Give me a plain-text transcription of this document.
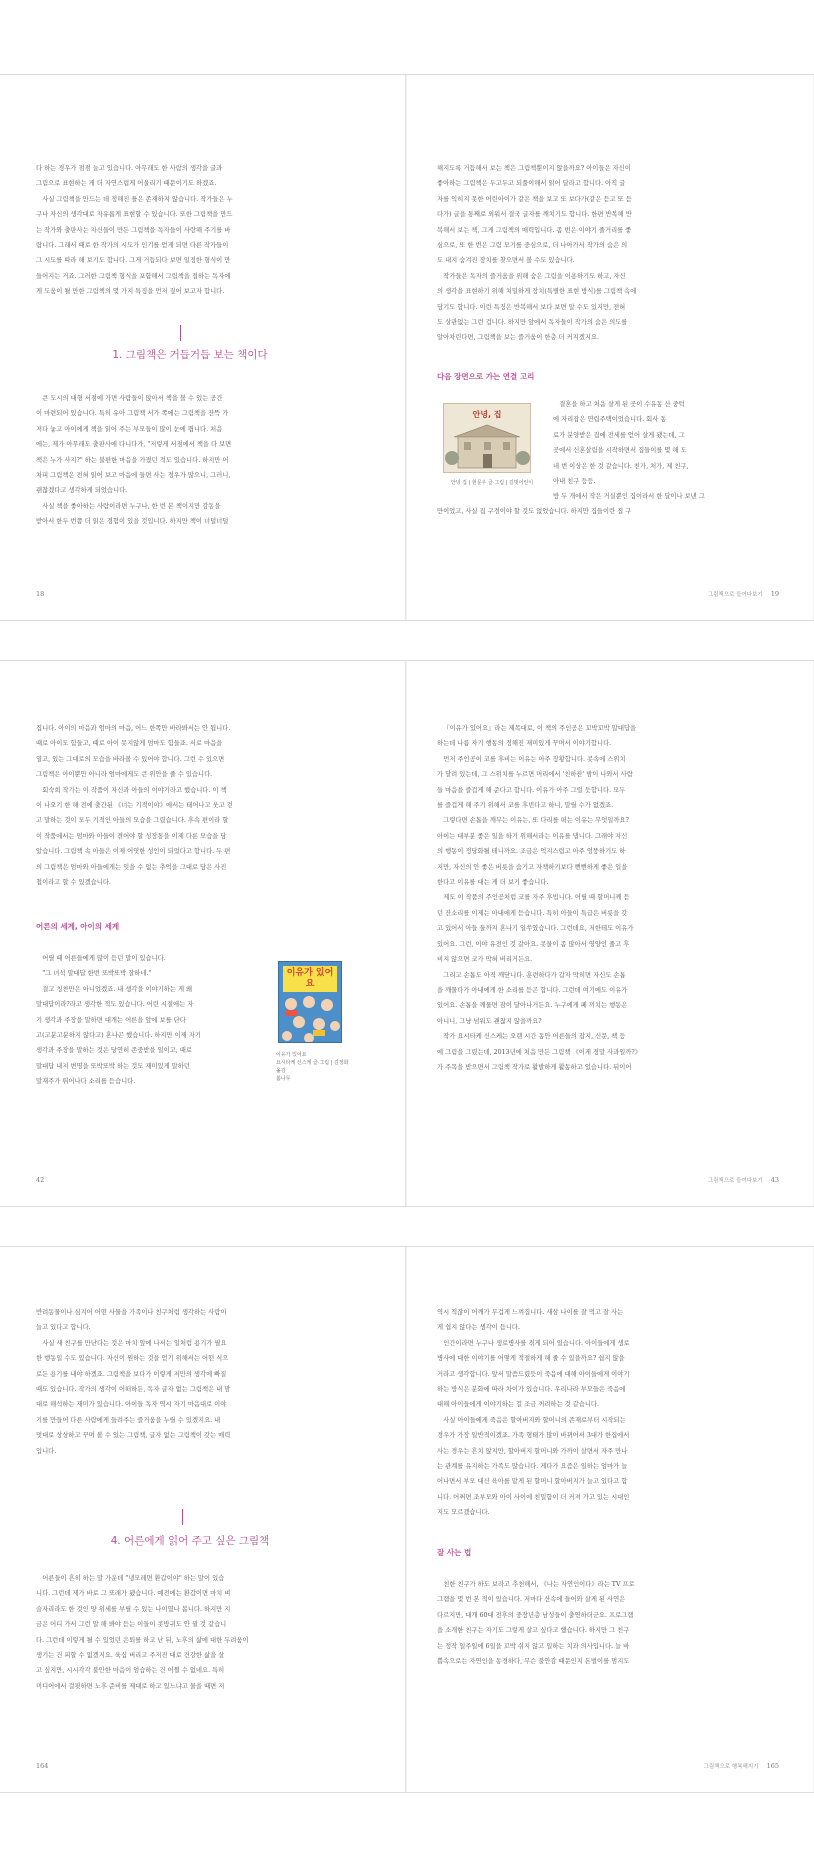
다 하는 경우가 점점 늘고 있습니다. 아무래도 한 사람의 생각을 글과

그림으로 표현하는 게 더 자연스럽게 어울리기 때문이기도 하겠죠.

사실 그림책을 만드는 데 정해진 틀은 존재하지 않습니다. 작가들은 누

구나 자신의 생각대로 자유롭게 표현할 수 있습니다. 또한 그림책을 만드

는 작가와 출판사는 자신들이 만든 그림책을 독자들이 사랑해 주기를 바

랍니다. 그래서 때로 한 작가의 시도가 인기를 얻게 되면 다른 작가들이

그 시도를 따라 해 보기도 합니다. 그게 거듭되다 보면 일정한 형식이 만

들어지는 거죠. 그러한 그림책 형식을 포함해서 그림책을 접하는 독자에

게 도움이 될 만한 그림책의 몇 가지 특징을 먼저 짚어 보고자 합니다.

1. 그림책은 거듭거듭 보는 책이다

큰 도시의 대형 서점에 가면 사람들이 앉아서 책을 볼 수 있는 공간

이 마련되어 있습니다. 특히 유아 그림책 서가 쪽에는 그림책을 잔뜩 가

져다 놓고 아이에게 책을 읽어 주는 부모들이 많이 눈에 띕니다. 처음

에는, 제가 아무래도 출판사에 다니다가, "저렇게 서점에서 책을 다 보면

책은 누가 사지?" 하는 불편한 마음을 가졌던 적도 있습니다. 하지만 어

차피 그림책은 전혀 읽어 보고 마음에 들면 사는 경우가 많으니, 그러니,

괜찮겠다고 생각하게 되었습니다.

사실 책을 좋아하는 사람이라면 누구나, 한 번 본 책이지만 감동을

받아서 한두 번쯤 더 읽은 경험이 있을 것입니다. 하지만 책이 너덜너덜

18

해지도록 거듭해서 보는 책은 그림책뿐이지 않을까요? 아이들은 자신이

좋아하는 그림책은 두고두고 되풀이해서 읽어 달라고 합니다. 아직 글

자를 익히지 못한 어린아이가 같은 책을 보고 또 보다가(같은 듣고 또 듣

다가) 글을 통째로 외워서 결국 글자를 깨치기도 합니다. 한편 반복해 반

복해서 보는 책, 그게 그림책의 매력입니다. 좀 번은 이야기 줄거리를 좋

심으로, 또 한 번은 그림 모기를 중심으로, 더 나아가서 작가의 숨은 의

도 내지 숨겨진 장치를 찾으면서 볼 수도 있습니다.

작가들은 독자의 즐거움을 위해 숨은 그림을 이용하기도 하고, 자신

의 생각을 표현하기 위해 치밀하게 장치(특별한 표현 방식)를 그림책 속에

담기도 합니다. 이런 특징은 반복해서 보다 보면 알 수도 있지만, 전혀

도 상관없는 그런 겁니다. 하지만 앞에서 독자들이 작가의 숨은 의도를

알아차린다면, 그림책을 보는 즐거움이 한층 더 커지겠지요.

다음 장면으로 가는 연결 고리
안녕, 집
안녕 집 | 현문우 글·그림 | 길벗어린이

결혼을 하고 처음 살게 된 곳이 수유동 산 중턱

에 자리잡은 연립주택이었습니다. 회사 동

료가 분양받은 집에 전세를 얻어 살게 됐는데, 그

곳에서 신혼살림을 시작하면서 집들이를 몇 해 도

네 번 이상은 한 것 같습니다. 친가, 처가, 제 친구,

아내 친구 등등.

방 두 개에서 작은 거실뿐인 집이라서 한 달이나 보낸 그

만이었고, 사실 집 구경이야 할 것도 없었습니다. 하지만 집들이란 집 구

그림책으로 들여다보기 19

집니다. 아이의 마음과 엄마의 마음, 어느 한쪽만 바라봐서는 안 됩니다.

때로 아이도 힘들고, 때로 아이 못지않게 엄마도 힘들죠. 서로 마음을

열고, 있는 그대로의 모습을 바라볼 수 있어야 합니다. 그런 수 있으면

그림책은 아이뿐만 아니라 엄마에게도 큰 위안을 줄 수 있습니다.

회숙희 작가는 이 작품이 자신과 아들의 이야기라고 했습니다. 이 책

이 나오기 한 해 전에 출간된 《너는 기적이야》에서는 태어나고 웃고 걷

고 말하는 것이 모두 기적인 아들의 모습을 그렸습니다. 후속 편이라 할

이 작품에서는 엄마와 아들이 겪어야 할 성장통을 이제 다룬 모습을 담

았습니다. 그림책 속 아들은 이제 어엿한 성인이 되었다고 합니다. 두 편

의 그림책은 엄마와 아들에게는 잊을 수 없는 추억을 그대로 담은 사진

첩이라고 할 수 있겠습니다.

어른의 세계, 아이의 세계

어릴 때 어른들에게 많이 듣던 말이 있습니다.

"그 녀석 말대답 한번 또박또박 잘하네."

결고 칭찬만은 아니었겠죠. 내 생각을 이야기하는 게 왜

말대답이라?라고 생각한 적도 있습니다. 어린 시절에는 자

기 생각과 주장을 말하면 대개는 어른을 앞에 보를 단다

고(고분고분하지 않다고) 혼나곤 했습니다. 하지만 이제 자기

생각과 주장을 말하는 것은 당연히 존중받을 일이고, 때로

말대답 내지 변명을 또박또박 하는 것도 재미있게 말하던

말재주가 뛰어나다 소리를 듣습니다.

이유가 있어요
이유가 있어요
요시타케 신스케 글·그림 | 김정화 옮김
봄나무
42

『이유가 있어요』라는 제목대로, 이 책의 주인공은 꼬박꼬박 말대답을

하는데 나름 자기 행동의 정해진 재미있게 꾸며서 이야기합니다.

먼저 주인공이 코를 후비는 이유는 아주 장황합니다. 콧속에 스위치

가 달려 있는데, 그 스위치를 누르면 머리에서 '친하잔' 밤이 나와서 사람

들 마음을 즐겁게 해 준다고 합니다. 이유가 아주 그럴 듯합니다. 모두

를 즐겁게 해 주기 위해서 코를 후빈다고 하니, 말릴 수가 없겠죠.

그렇다면 손톱을 깨무는 이유는, 또 다리를 떠는 이유는 무엇일까요?

아이는 대부분 좋은 일을 하기 위해서라는 이유를 댑니다. 그래야 자신

의 행동이 정당화될 테니까요. 조금은 억지스럽고 아주 엉뚱하기도 하

지만, 자신의 안 좋은 버릇을 숨기고 자책하기보다 뻔뻔하게 좋은 일을

한다고 이유를 대는 게 더 보기 좋습니다.

제도 이 작품의 주인공처럼 코를 자주 후빕니다. 어릴 때 할머니께 듣

던 잔소리를 이제는 아내에게 듣습니다. 특히 아들이 특급은 버릇을 갖

고 있어서 아들 둘까지 혼나기 일쑤였습니다. 그런데요, 저한테도 이유가

있어요. 그런, 이야 유전인 것 같아요. 콧물이 좀 많아서 영양인 줄고 후

비지 않으면 코가 막혀 버리거든요.

그리고 손톱도 아직 깨닫니다. 훈련하다가 갑자 막히면 자신도 손톱

을 깨물다가 아내에게 한 소리를 듣곤 합니다. 그런데 여기에도 이유가

있어요. 손톱을 깨물면 잠이 달아나거든요. 누구에게 폐 끼치는 행동은

아니니, 그냥 넘워도 괜찮지 않을까요?

작가 요시타케 신스케는 오랜 시간 동안 어른들의 잡지, 신문, 책 등

에 그림을 그렸는데, 2013년에 처음 만든 그림책 《이게 정말 사과일까?》

가 주목을 받으면서 그림책 작가로 활발하게 활동하고 있습니다. 뒤이어

그림책으로 들여다보기 43

반려동물이나 심지어 어떤 사물을 가족이나 친구처럼 생각하는 사람이

늘고 있다고 합니다.

사실 새 친구를 만난다는 것은 마치 앞에 나서는 일처럼 용기가 필요

한 행동일 수도 있습니다. 자신이 원하는 것을 얻기 위해서는 어떤 식으

로든 용기를 내야 하겠죠. 그림책을 보다가 이렇게 저만의 생각에 빠질

때도 있습니다. 작가의 생각이 어떠하든, 독자 글자 없는 그림책은 내 맘

대로 해석하는 재미가 있습니다. 아이들 독자 역시 자기 마음대로 이야

기를 만들어 다른 사람에게 들려주는 즐거움을 누릴 수 있겠지요. 내

멋대로 상상하고 꾸며 볼 수 있는 그림책, 글자 없는 그림책이 갖는 매력

입니다.

4. 어른에게 읽어 주고 싶은 그림책

어른들이 흔히 하는 말 가운데 "냉모레면 환갑이야" 하는 말이 있습

니다. 그런데 제가 바로 그 또래가 됐습니다. 예전에는 환갑이면 마치 벼

슬자리라도 한 것인 양 위세를 부릴 수 있는 나이였나 봅니다. 하지만 지

금은 어디 가서 그런 말 해 봐야 듣는 이들이 콧방귀도 안 뀔 것 같습니

다. 그런데 이렇게 될 수 있었던 은퇴를 하고 난 뒤, 노후의 삶에 대한 두려움이

생기는 건 피할 수 없겠지요. 육십 버리고 주저진 대로 건강한 삶을 살

고 싶지만, 시시각각 불안한 마음이 엄습하는 건 어쩔 수 없네요. 특히

미디어에서 걸핏하면 노후 준비를 제대로 하고 있느냐고 물을 때면 저

164

역시 적잖이 어깨가 무겁게 느껴집니다. 새삼 나이를 잘 먹고 잘 사는

게 쉽지 않다는 생각이 듭니다.

인간이라면 누구나 생로병사를 겪게 되어 있습니다. 아이들에게 생로

병사에 대한 이야기를 어떻게 적절하게 해 줄 수 있을까요? 쉽지 않을

거라고 생각합니다. 앞서 말씀드렸듯이 죽음에 대해 아이들에게 이야기

하는 방식은 분화에 따라 차이가 있습니다. 우리나라 부모들은 죽음에

대해 아이들에게 이야기하는 걸 조금 꺼려하는 것 같습니다.

사실 아이들에게 죽음은 할아버지와 할머니의 존재로부터 시작되는

경우가 가장 일반적이겠죠. 가족 형태가 많이 바뀌어서 3대가 한집에서

사는 경우는 흔치 않지만, 할아버지 할머니와 가까이 살면서 자주 만나

는 관계를 유지하는 가족도 많습니다. 게다가 요즘은 일하는 엄마가 늘

어나면서 부모 대신 육아를 맡게 된 할머니 할아버지가 늘고 있다고 합

니다. 어쩌면 조부모와 아이 사이에 친밀함이 더 커져 가고 있는 시대인

지도 모르겠습니다.

잘 사는 법

친한 친구가 하도 보라고 추천해서, 《나는 자연인이다》라는 TV 프로

그램을 몇 번 본 적이 있습니다. 저마다 산속에 들어와 살게 된 사연은

다르지만, 대개 60대 전후의 중장년층 남성들이 출연하더군요. 프로그램

을 소개한 친구는 자기도 그렇게 살고 싶다고 했습니다. 하지만 그 친구

는 정작 일주일에 6일을 꼬박 쉬지 않고 일하는 치과 의사입니다. 늘 바

쁨속으로는 자연인을 동경하다, 무슨 불안감 때문인지 돈벌이를 멈지도

그림책으로 행복해지기 165
